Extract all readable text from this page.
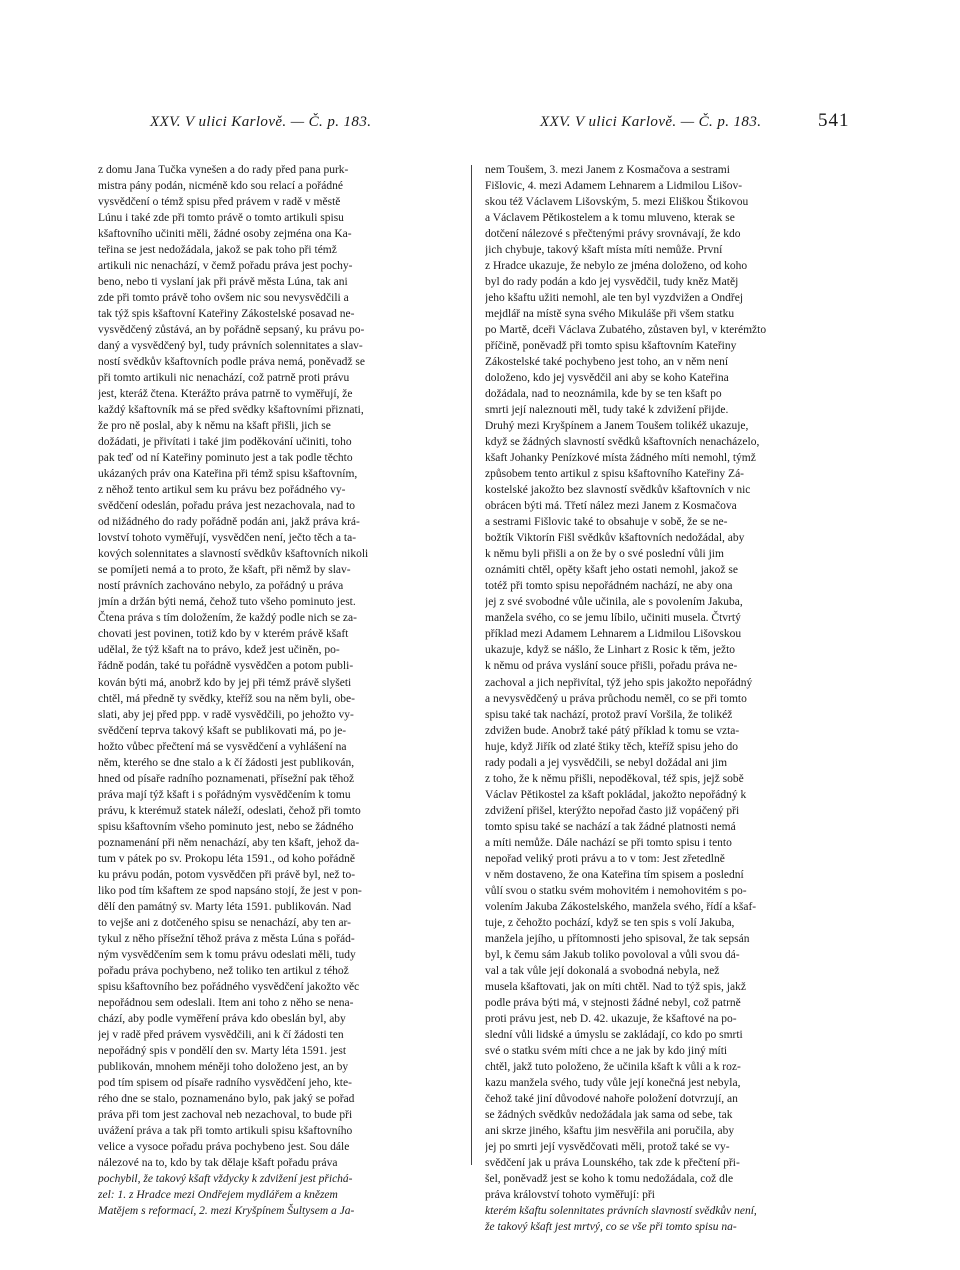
XXV. V ulici Karlově. — Č. p. 183.	XXV. V ulici Karlově. — Č. p. 183.	541
z domu Jana Tučka vynešen a do rady před pana purk-
mistra pány podán, nicméně kdo sou relací a pořádné
vysvědčení o témž spisu před právem v radě v městě
Lúnu i také zde při tomto právě o tomto artikuli spisu
kšaftovního učiniti měli, žádné osoby zejména ona Ka-
teřina se jest nedožádala, jakož se pak toho při témž
artikuli nic nenachází, v čemž pořadu práva jest pochy-
beno, nebo ti vyslaní jak při právě města Lúna, tak ani
zde při tomto právě toho ovšem nic sou nevysvědčili a
tak týž spis kšaftovní Kateřiny Zákostelské posavad ne-
vysvědčený zůstává, an by pořádně sepsaný, ku právu po-
daný a vysvědčený byl, tudy právních solennitates a slav-
ností svědkův kšaftovních podle práva nemá, poněvadž se
při tomto artikuli nic nenachází, což patrně proti právu
jest, kteráž čtena. Kterážto práva patrně to vyměřují, že
každý kšaftovník má se před svědky kšaftovními přiznati,
že pro ně poslal, aby k němu na kšaft přišli, jich se
dožádati, je přivítati i také jim poděkování učiniti, toho
pak teď od ní Kateřiny pominuto jest a tak podle těchto
ukázaných práv ona Kateřina při témž spisu kšaftovním,
z něhož tento artikul sem ku právu bez pořádného vy-
svědčení odeslán, pořadu práva jest nezachovala, nad to
od nižádného do rady pořádně podán ani, jakž práva krá-
lovství tohoto vyměřují, vysvědčen není, ječto těch a ta-
kových solennitates a slavností svědkův kšaftovních nikoli
se pomíjeti nemá a to proto, že kšaft, při němž by slav-
ností právních zachováno nebylo, za pořádný u práva
jmín a držán býti nemá, čehož tuto všeho pominuto jest.
Čtena práva s tím doložením, že každý podle nich se za-
chovati jest povinen, totiž kdo by v kterém právě kšaft
udělal, že týž kšaft na to právo, kdež jest učiněn, po-
řádně podán, také tu pořádně vysvědčen a potom publi-
kován býti má, anobrž kdo by jej při témž právě slyšeti
chtěl, má předně ty svědky, kteříž sou na něm byli, obe-
slati, aby jej před ppp. v radě vysvědčili, po jehožto vy-
svědčení teprva takový kšaft se publikovati má, po je-
hožto vůbec přečtení má se vysvědčení a vyhlášení na
něm, kterého se dne stalo a k čí žádosti jest publikován,
hned od písaře radního poznamenati, přísežní pak těhož
práva mají týž kšaft i s pořádným vysvědčením k tomu
právu, k kterémuž statek náleží, odeslati, čehož při tomto
spisu kšaftovním všeho pominuto jest, nebo se žádného
poznamenání při něm nenachází, aby ten kšaft, jehož da-
tum v pátek po sv. Prokopu léta 1591., od koho pořádně
ku právu podán, potom vysvědčen při právě byl, než to-
liko pod tím kšaftem ze spod napsáno stojí, že jest v pon-
dělí den památný sv. Marty léta 1591. publikován. Nad
to vejše ani z dotčeného spisu se nenachází, aby ten ar-
tykul z něho přísežní těhož práva z města Lúna s pořád-
ným vysvědčením sem k tomu právu odeslati měli, tudy
pořadu práva pochybeno, než toliko ten artikul z téhož
spisu kšaftovního bez pořádného vysvědčení jakožto věc
nepořádnou sem odeslali. Item ani toho z něho se nena-
chází, aby podle vyměření práva kdo obeslán byl, aby
jej v radě před právem vysvědčili, ani k čí žádosti ten
nepořádný spis v pondělí den sv. Marty léta 1591. jest
publikován, mnohem méněji toho doloženo jest, an by
pod tím spisem od písaře radního vysvědčení jeho, kte-
rého dne se stalo, poznamenáno bylo, pak jaký se pořad
práva při tom jest zachoval neb nezachoval, to bude při
uvážení práva a tak při tomto artikuli spisu kšaftovního
velice a vysoce pořadu práva pochybeno jest. Sou dále
nálezové na to, kdo by tak dělaje kšaft pořadu práva
pochybil, že takový kšaft vždycky k zdvižení jest přichá-
zel: 1. z Hradce mezi Ondřejem mydlářem a knězem
Matějem s reformací, 2. mezi Kryšpínem Šultysem a Ja-
nem Toušem, 3. mezi Janem z Kosmačova a sestrami
Fišlovic, 4. mezi Adamem Lehnarem a Lidmilou Lišov-
skou též Václavem Lišovským, 5. mezi Eliškou Štikovou
a Václavem Pětikostelem a k tomu mluveno, kterak se
dotčení nálezové s přečtenými právy srovnávají, že kdo
jich chybuje, takový kšaft místa míti nemůže. První
z Hradce ukazuje, že nebylo ze jména doloženo, od koho
byl do rady podán a kdo jej vysvědčil, tudy kněz Matěj
jeho kšaftu užiti nemohl, ale ten byl vyzdvižen a Ondřej
mejdlář na místě syna svého Mikuláše při všem statku
po Martě, dceři Václava Zubatého, zůstaven byl, v kterémžto
příčině, poněvadž při tomto spisu kšaftovním Kateřiny
Zákostelské také pochybeno jest toho, an v něm není
doloženo, kdo jej vysvědčil ani aby se koho Kateřina
dožádala, nad to neoznámila, kde by se ten kšaft po
smrti její naleznouti měl, tudy také k zdvižení přijde.
Druhý mezi Kryšpínem a Janem Toušem tolikéž ukazuje,
když se žádných slavností svědků kšaftovních nenacházelo,
kšaft Johanky Penízkové místa žádného míti nemohl, týmž
způsobem tento artikul z spisu kšaftovního Kateřiny Zá-
kostelské jakožto bez slavností svědkův kšaftovních v nic
obrácen býti má. Třetí nález mezi Janem z Kosmačova
a sestrami Fišlovic také to obsahuje v sobě, že se ne-
božtík Viktorín Fišl svědkův kšaftovních nedožádal, aby
k němu byli přišli a on že by o své poslední vůli jim
oznámiti chtěl, opěty kšaft jeho ostati nemohl, jakož se
totéž při tomto spisu nepořádném nachází, ne aby ona
jej z své svobodné vůle učinila, ale s povolením Jakuba,
manžela svého, co se jemu líbilo, učiniti musela. Čtvrtý
příklad mezi Adamem Lehnarem a Lidmilou Lišovskou
ukazuje, když se nášlo, že Linhart z Rosic k těm, ježto
k němu od práva vyslání souce přišli, pořadu práva ne-
zachoval a jich nepřivítal, týž jeho spis jakožto nepořádný
a nevysvědčený u práva průchodu neměl, co se při tomto
spisu také tak nachází, protož praví Voršila, že tolikéž
zdvižen bude. Anobrž také pátý příklad k tomu se vzta-
huje, když Jiřík od zlaté štiky těch, kteříž spisu jeho do
rady podali a jej vysvědčili, se nebyl dožádal ani jim
z toho, že k němu přišli, nepoděkoval, též spis, jejž sobě
Václav Pětikostel za kšaft pokládal, jakožto nepořádný k
zdvižení přišel, kterýžto nepořad často již vopáčený při
tomto spisu také se nachází a tak žádné platnosti nemá
a míti nemůže. Dále nachází se při tomto spisu i tento
nepořad veliký proti právu a to v tom: Jest zřetedlně
v něm dostaveno, že ona Kateřina tím spisem a poslední
vůlí svou o statku svém mohovitém i nemohovitém s po-
volením Jakuba Zákostelského, manžela svého, řídí a kšaf-
tuje, z čehožto pochází, když se ten spis s volí Jakuba,
manžela jejího, u přítomnosti jeho spisoval, že tak sepsán
byl, k čemu sám Jakub toliko povoloval a vůli svou dá-
val a tak vůle její dokonalá a svobodná nebyla, než
musela kšaftovati, jak on míti chtěl. Nad to týž spis, jakž
podle práva býti má, v stejnosti žádné nebyl, což patrně
proti právu jest, neb D. 42. ukazuje, že kšaftové na po-
slední vůli lidské a úmyslu se zakládají, co kdo po smrti
své o statku svém míti chce a ne jak by kdo jiný míti
chtěl, jakž tuto položeno, že učinila kšaft k vůli a k roz-
kazu manžela svého, tudy vůle její konečná jest nebyla,
čehož také jiní důvodové nahoře položení dotvrzují, an
se žádných svědkův nedožádala jak sama od sebe, tak
ani skrze jiného, kšaftu jim nesvěřila ani poručila, aby
jej po smrti její vysvědčovati měli, protož také se vy-
svědčení jak u práva Lounského, tak zde k přečtení při-
šel, poněvadž jest se koho k tomu nedožádala, což dle
práva království tohoto vyměřují: při
kterém kšaftu solennitates právních slavností svědkův není,
že takový kšaft jest mrtvý, co se vše při tomto spisu na-
